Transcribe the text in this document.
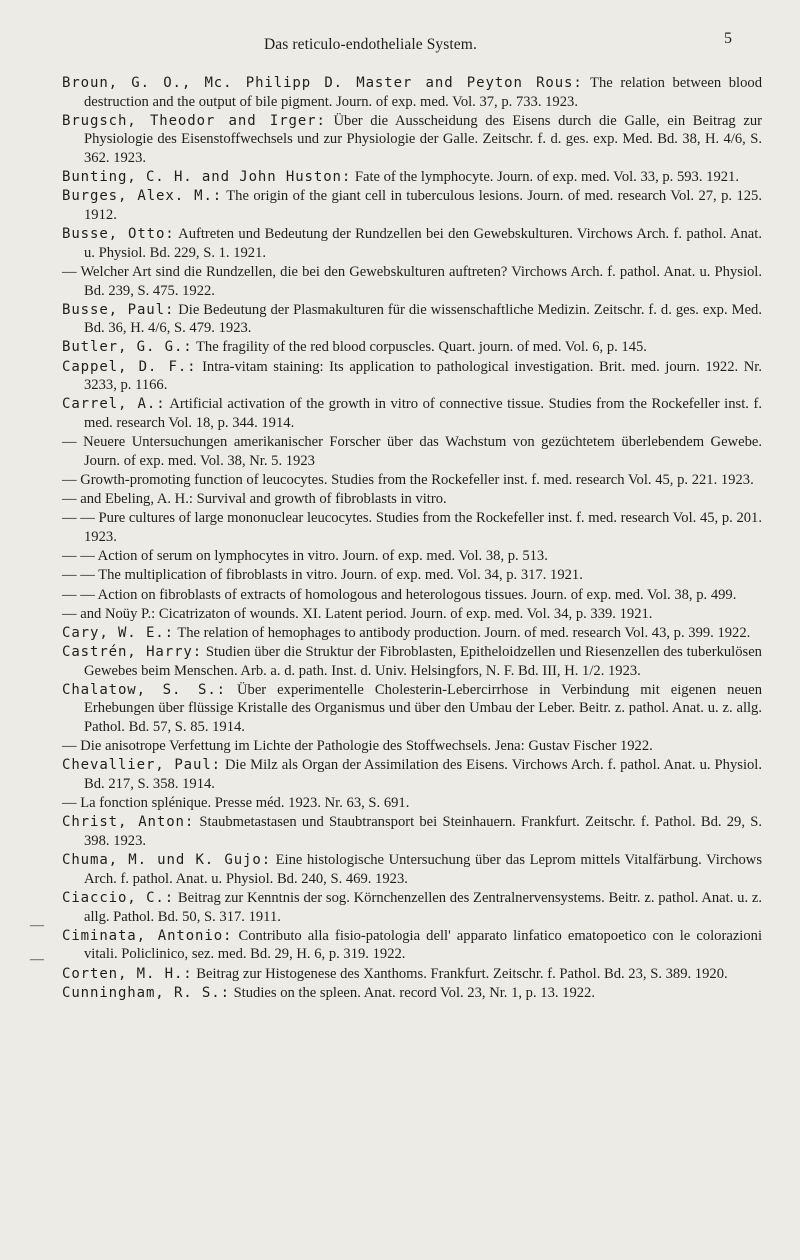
Das reticulo-endotheliale System.	5
—
—

Broun, G. O., Mc. Philipp D. Master and Peyton Rous: The relation between blood destruction and the output of bile pigment. Journ. of exp. med. Vol. 37, p. 733. 1923.

Brugsch, Theodor and Irger: Über die Ausscheidung des Eisens durch die Galle, ein Beitrag zur Physiologie des Eisenstoffwechsels und zur Physiologie der Galle. Zeitschr. f. d. ges. exp. Med. Bd. 38, H. 4/6, S. 362. 1923.

Bunting, C. H. and John Huston: Fate of the lymphocyte. Journ. of exp. med. Vol. 33, p. 593. 1921.

Burges, Alex. M.: The origin of the giant cell in tuberculous lesions. Journ. of med. research Vol. 27, p. 125. 1912.

Busse, Otto: Auftreten und Bedeutung der Rundzellen bei den Gewebskulturen. Virchows Arch. f. pathol. Anat. u. Physiol. Bd. 229, S. 1. 1921.

— Welcher Art sind die Rundzellen, die bei den Gewebskulturen auftreten? Virchows Arch. f. pathol. Anat. u. Physiol. Bd. 239, S. 475. 1922.

Busse, Paul: Die Bedeutung der Plasmakulturen für die wissenschaftliche Medizin. Zeitschr. f. d. ges. exp. Med. Bd. 36, H. 4/6, S. 479. 1923.

Butler, G. G.: The fragility of the red blood corpuscles. Quart. journ. of med. Vol. 6, p. 145.

Cappel, D. F.: Intra-vitam staining: Its application to pathological investigation. Brit. med. journ. 1922. Nr. 3233, p. 1166.

Carrel, A.: Artificial activation of the growth in vitro of connective tissue. Studies from the Rockefeller inst. f. med. research Vol. 18, p. 344. 1914.

— Neuere Untersuchungen amerikanischer Forscher über das Wachstum von gezüchtetem überlebendem Gewebe. Journ. of exp. med. Vol. 38, Nr. 5. 1923

— Growth-promoting function of leucocytes. Studies from the Rockefeller inst. f. med. research Vol. 45, p. 221. 1923.

— and Ebeling, A. H.: Survival and growth of fibroblasts in vitro.

— — Pure cultures of large mononuclear leucocytes. Studies from the Rockefeller inst. f. med. research Vol. 45, p. 201. 1923.

— — Action of serum on lymphocytes in vitro. Journ. of exp. med. Vol. 38, p. 513.

— — The multiplication of fibroblasts in vitro. Journ. of exp. med. Vol. 34, p. 317. 1921.

— — Action on fibroblasts of extracts of homologous and heterologous tissues. Journ. of exp. med. Vol. 38, p. 499.

— and Noüy P.: Cicatrizaton of wounds. XI. Latent period. Journ. of exp. med. Vol. 34, p. 339. 1921.

Cary, W. E.: The relation of hemophages to antibody production. Journ. of med. research Vol. 43, p. 399. 1922.

Castrén, Harry: Studien über die Struktur der Fibroblasten, Epitheloidzellen und Riesenzellen des tuberkulösen Gewebes beim Menschen. Arb. a. d. path. Inst. d. Univ. Helsingfors, N. F. Bd. III, H. 1/2. 1923.

Chalatow, S. S.: Über experimentelle Cholesterin-Lebercirrhose in Verbindung mit eigenen neuen Erhebungen über flüssige Kristalle des Organismus und über den Umbau der Leber. Beitr. z. pathol. Anat. u. z. allg. Pathol. Bd. 57, S. 85. 1914.

— Die anisotrope Verfettung im Lichte der Pathologie des Stoffwechsels. Jena: Gustav Fischer 1922.

Chevallier, Paul: Die Milz als Organ der Assimilation des Eisens. Virchows Arch. f. pathol. Anat. u. Physiol. Bd. 217, S. 358. 1914.

— La fonction splénique. Presse méd. 1923. Nr. 63, S. 691.

Christ, Anton: Staubmetastasen und Staubtransport bei Steinhauern. Frankfurt. Zeitschr. f. Pathol. Bd. 29, S. 398. 1923.

Chuma, M. und K. Gujo: Eine histologische Untersuchung über das Leprom mittels Vitalfärbung. Virchows Arch. f. pathol. Anat. u. Physiol. Bd. 240, S. 469. 1923.

Ciaccio, C.: Beitrag zur Kenntnis der sog. Körnchenzellen des Zentralnervensystems. Beitr. z. pathol. Anat. u. z. allg. Pathol. Bd. 50, S. 317. 1911.

Ciminata, Antonio: Contributo alla fisio-patologia dell' apparato linfatico ematopoetico con le colorazioni vitali. Policlinico, sez. med. Bd. 29, H. 6, p. 319. 1922.

Corten, M. H.: Beitrag zur Histogenese des Xanthoms. Frankfurt. Zeitschr. f. Pathol. Bd. 23, S. 389. 1920.

Cunningham, R. S.: Studies on the spleen. Anat. record Vol. 23, Nr. 1, p. 13. 1922.
